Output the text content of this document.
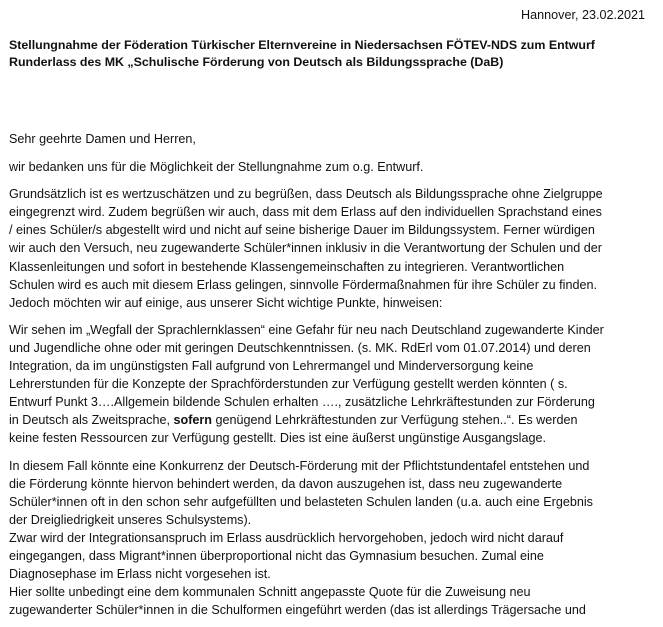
Hannover, 23.02.2021
Stellungnahme der Föderation Türkischer Elternvereine in Niedersachsen FÖTEV-NDS zum Entwurf
Runderlass des MK „Schulische Förderung von Deutsch als Bildungssprache (DaB)
Sehr geehrte Damen und Herren,
wir bedanken uns für die Möglichkeit der Stellungnahme zum o.g. Entwurf.
Grundsätzlich ist es wertzuschätzen und zu begrüßen, dass Deutsch als Bildungssprache ohne Zielgruppe
eingegrenzt wird. Zudem begrüßen wir auch, dass mit dem Erlass auf den individuellen Sprachstand eines
/ eines Schüler/s abgestellt wird und nicht auf seine bisherige Dauer im Bildungssystem. Ferner würdigen
wir auch den Versuch, neu zugewanderte Schüler*innen inklusiv in die Verantwortung der Schulen und der
Klassenleitungen und sofort in bestehende Klassengemeinschaften zu integrieren. Verantwortlichen
Schulen wird es auch mit diesem Erlass gelingen, sinnvolle Fördermaßnahmen für ihre Schüler zu finden.
Jedoch möchten wir auf einige, aus unserer Sicht wichtige Punkte, hinweisen:
Wir sehen im „Wegfall der Sprachlernklassen“ eine Gefahr für neu nach Deutschland zugewanderte Kinder
und Jugendliche ohne oder mit geringen Deutschkenntnissen. (s. MK. RdErl vom 01.07.2014) und deren
Integration, da im ungünstigsten Fall aufgrund von Lehrermangel und Minderversorgung keine
Lehrerstunden für die Konzepte der Sprachförderstunden zur Verfügung gestellt werden könnten ( s.
Entwurf Punkt 3….Allgemein bildende Schulen erhalten …., zusätzliche Lehrkräftestunden zur Förderung
in Deutsch als Zweitsprache, sofern genügend Lehrkräftestunden zur Verfügung stehen..“. Es werden
keine festen Ressourcen zur Verfügung gestellt. Dies ist eine äußerst ungünstige Ausgangslage.
In diesem Fall könnte eine Konkurrenz der Deutsch-Förderung mit der Pflichtstundentafel entstehen und
die Förderung könnte hiervon behindert werden, da davon auszugehen ist, dass neu zugewanderte
Schüler*innen oft in den schon sehr aufgefüllten und belasteten Schulen landen (u.a. auch eine Ergebnis
der Dreigliedrigkeit unseres Schulsystems).
Zwar wird der Integrationsanspruch im Erlass ausdrücklich hervorgehoben, jedoch wird nicht darauf
eingegangen, dass Migrant*innen überproportional nicht das Gymnasium besuchen. Zumal eine
Diagnosephase im Erlass nicht vorgesehen ist.
Hier sollte unbedingt eine dem kommunalen Schnitt angepasste Quote für die Zuweisung neu
zugewanderter Schüler*innen in die Schulformen eingeführt werden (das ist allerdings Trägersache und
